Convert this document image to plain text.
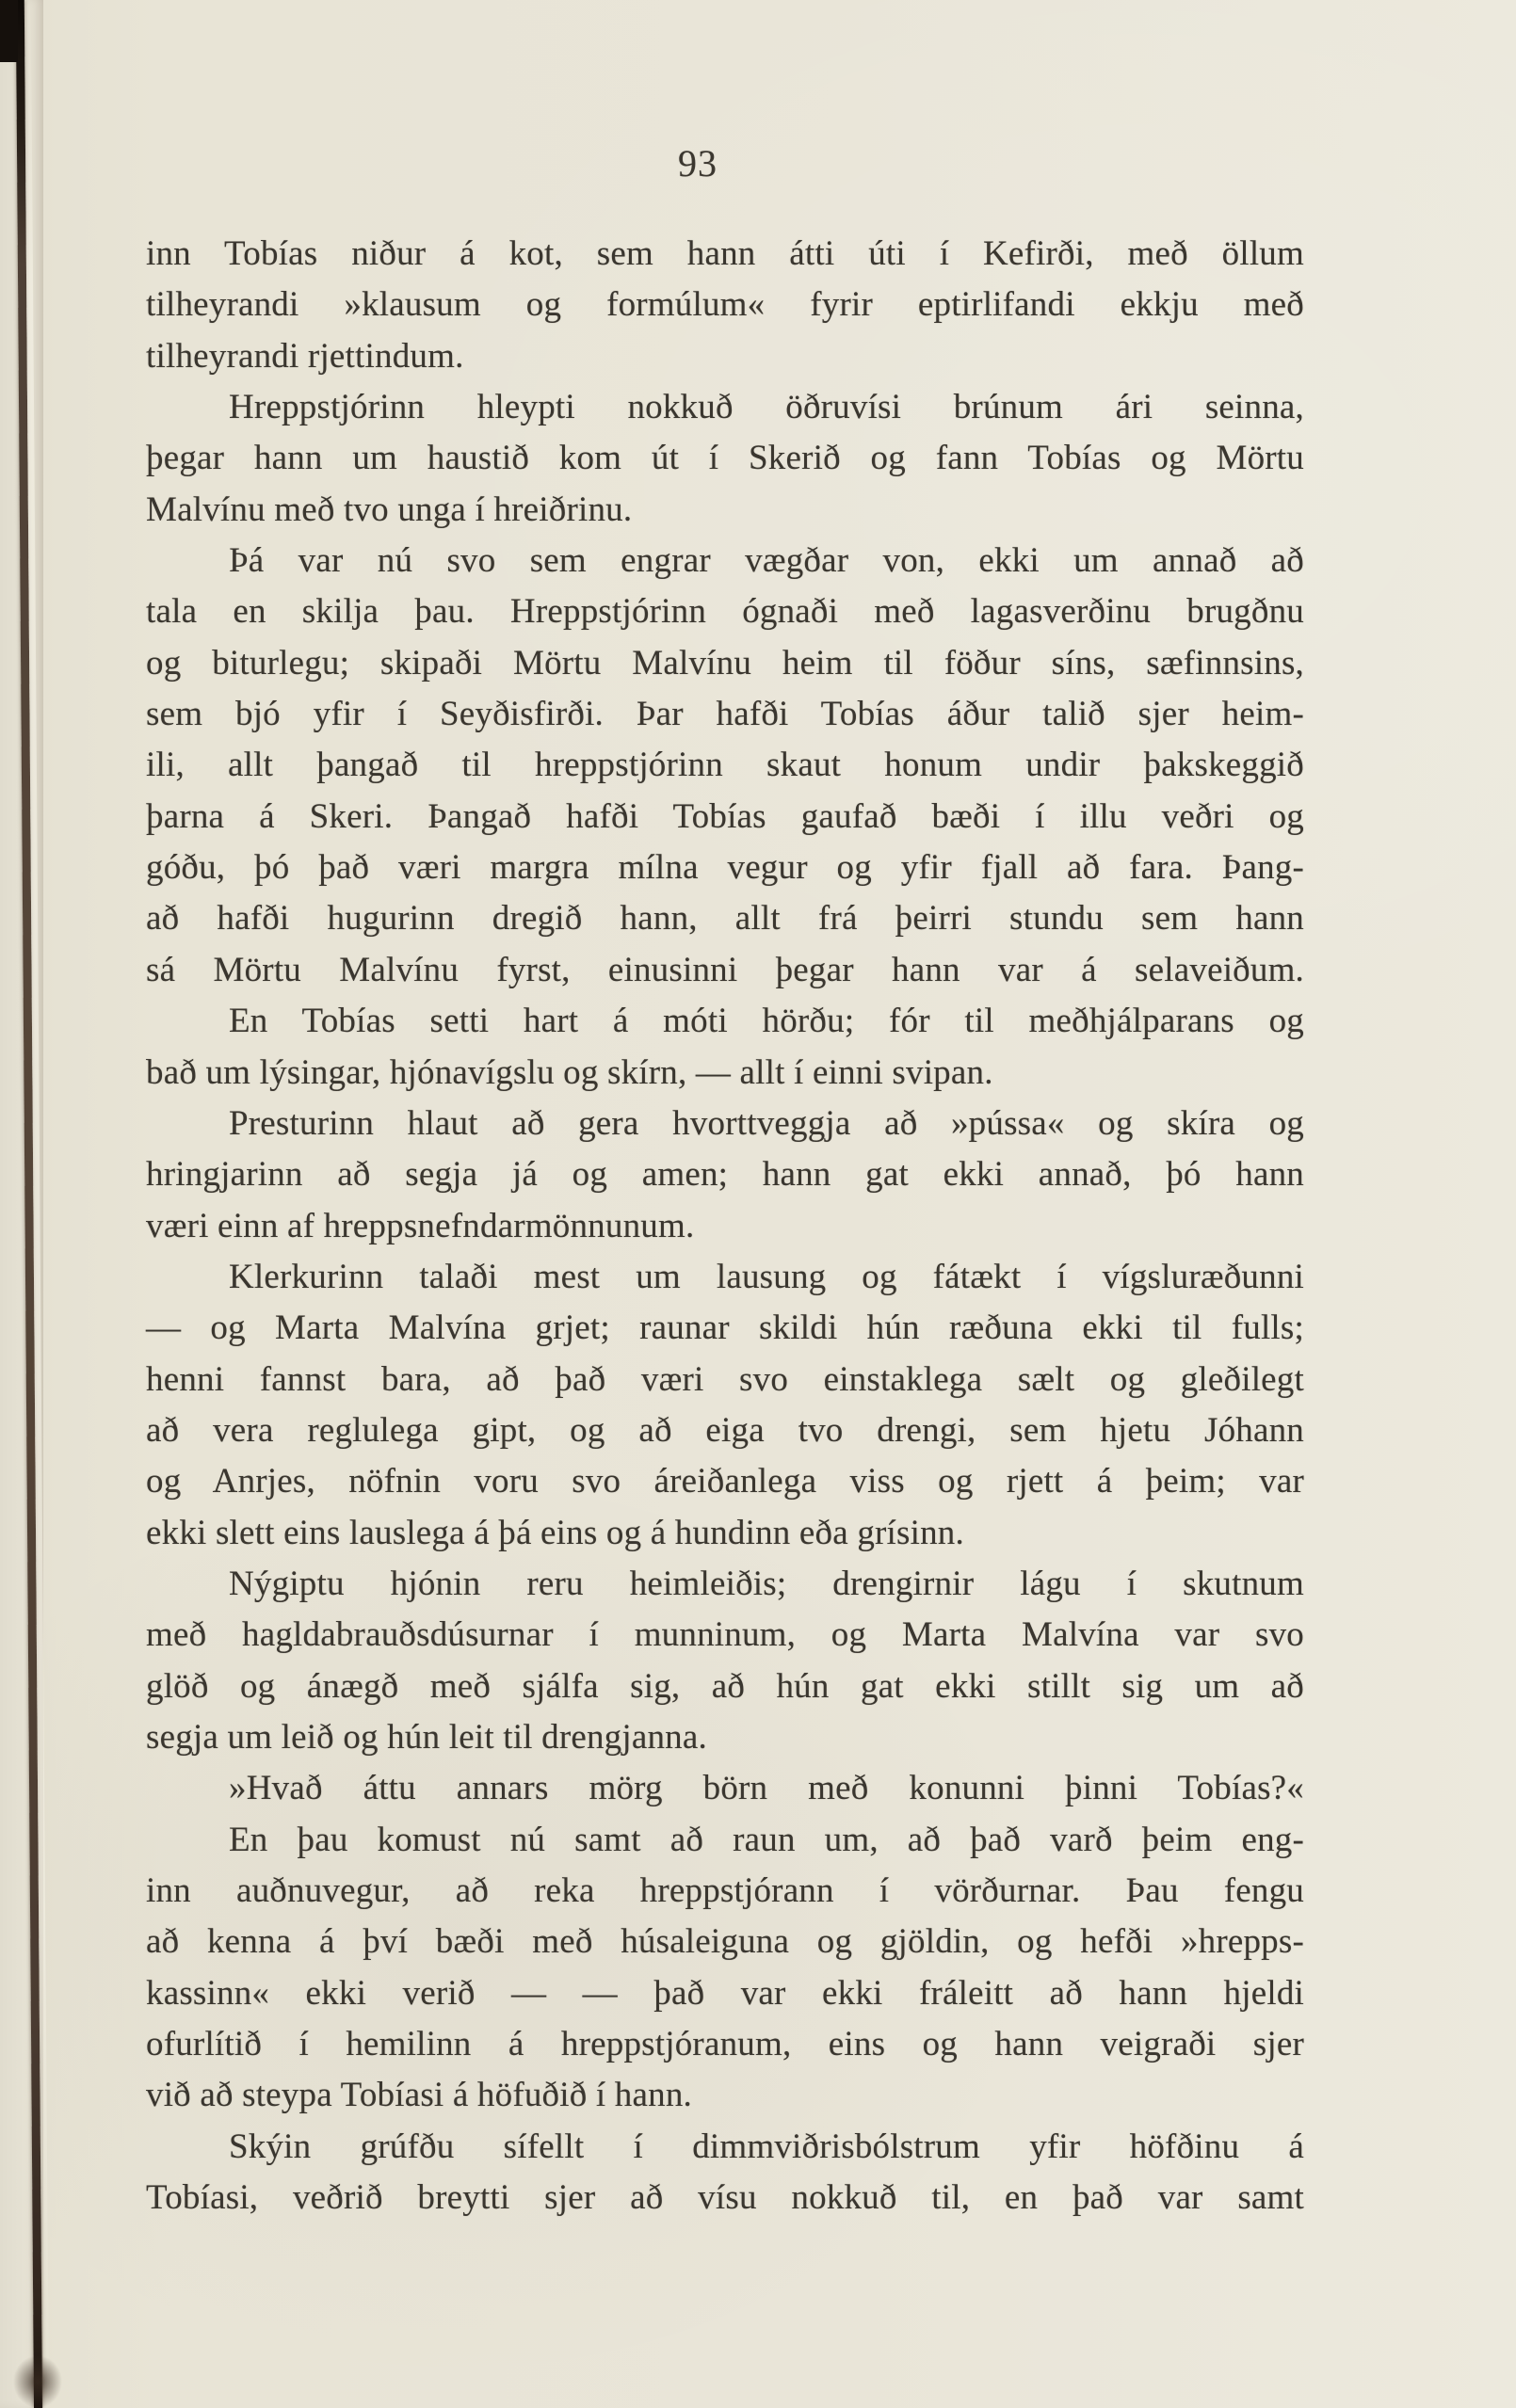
93
inn Tobías niður á kot, sem hann átti úti í Kefirði, með öllum
tilheyrandi »klausum og formúlum« fyrir eptirlifandi ekkju með
tilheyrandi rjettindum.
Hreppstjórinn hleypti nokkuð öðruvísi brúnum ári seinna,
þegar hann um haustið kom út í Skerið og fann Tobías og Mörtu
Malvínu með tvo unga í hreiðrinu.
Þá var nú svo sem engrar vægðar von, ekki um annað að
tala en skilja þau. Hreppstjórinn ógnaði með lagasverðinu brugðnu
og biturlegu; skipaði Mörtu Malvínu heim til föður síns, sæfinnsins,
sem bjó yfir í Seyðisfirði. Þar hafði Tobías áður talið sjer heim-
ili, allt þangað til hreppstjórinn skaut honum undir þakskeggið
þarna á Skeri. Þangað hafði Tobías gaufað bæði í illu veðri og
góðu, þó það væri margra mílna vegur og yfir fjall að fara. Þang-
að hafði hugurinn dregið hann, allt frá þeirri stundu sem hann
sá Mörtu Malvínu fyrst, einusinni þegar hann var á selaveiðum.
En Tobías setti hart á móti hörðu; fór til meðhjálparans og
bað um lýsingar, hjónavígslu og skírn, — allt í einni svipan.
Presturinn hlaut að gera hvorttveggja að »pússa« og skíra og
hringjarinn að segja já og amen; hann gat ekki annað, þó hann
væri einn af hreppsnefndarmönnunum.
Klerkurinn talaði mest um lausung og fátækt í vígsluræðunni
— og Marta Malvína grjet; raunar skildi hún ræðuna ekki til fulls;
henni fannst bara, að það væri svo einstaklega sælt og gleðilegt
að vera reglulega gipt, og að eiga tvo drengi, sem hjetu Jóhann
og Anrjes, nöfnin voru svo áreiðanlega viss og rjett á þeim; var
ekki slett eins lauslega á þá eins og á hundinn eða grísinn.
Nýgiptu hjónin reru heimleiðis; drengirnir lágu í skutnum
með hagldabrauðsdúsurnar í munninum, og Marta Malvína var svo
glöð og ánægð með sjálfa sig, að hún gat ekki stillt sig um að
segja um leið og hún leit til drengjanna.
»Hvað áttu annars mörg börn með konunni þinni Tobías?«
En þau komust nú samt að raun um, að það varð þeim eng-
inn auðnuvegur, að reka hreppstjórann í vörðurnar. Þau fengu
að kenna á því bæði með húsaleiguna og gjöldin, og hefði »hrepps-
kassinn« ekki verið — — það var ekki fráleitt að hann hjeldi
ofurlítið í hemilinn á hreppstjóranum, eins og hann veigraði sjer
við að steypa Tobíasi á höfuðið í hann.
Skýin grúfðu sífellt í dimmviðrisbólstrum yfir höfðinu á
Tobíasi, veðrið breytti sjer að vísu nokkuð til, en það var samt
